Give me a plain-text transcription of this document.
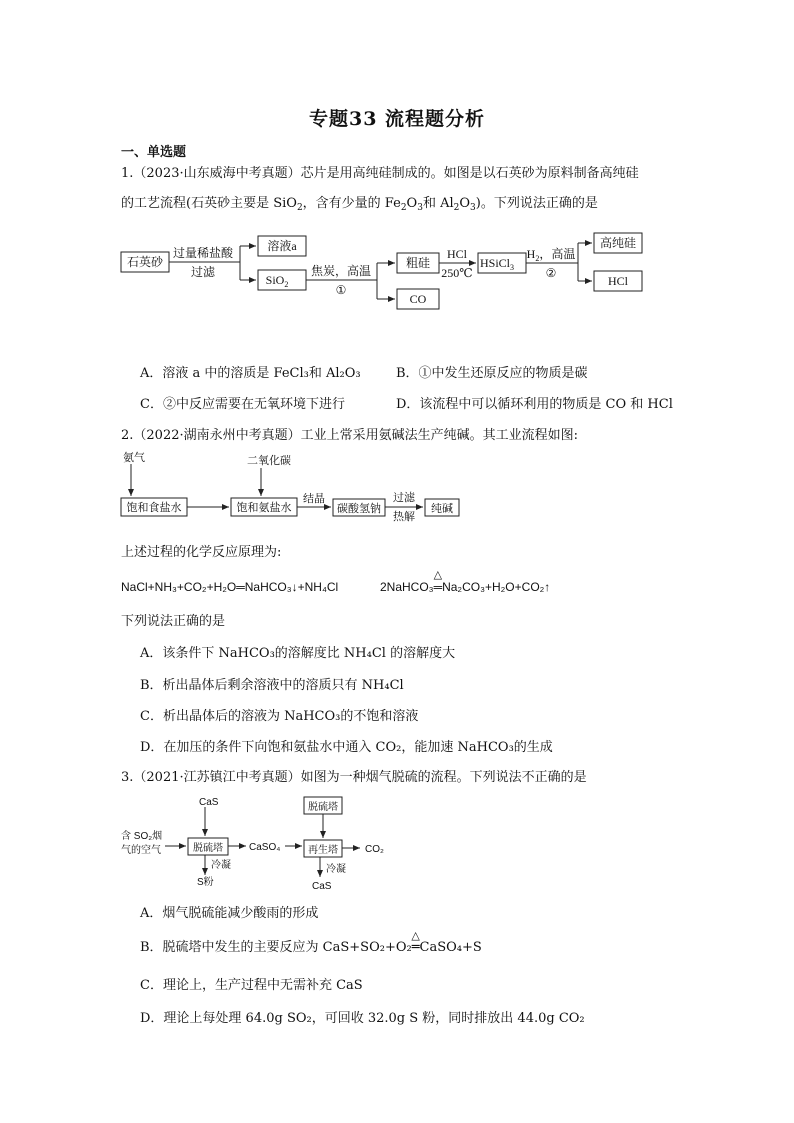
专题33 流程题分析
一、单选题
1.（2023·山东威海中考真题）芯片是用高纯硅制成的。如图是以石英砂为原料制备高纯硅
的工艺流程(石英砂主要是 SiO$_2$，含有少量的 $Fe_2O_3$和 $Al_2O_3$)。下列说法正确的是
石英砂
过量稀盐酸
过滤
溶液a
SiO$_2$
焦炭，高温
①
粗硅
CO
HCl
250℃
HSiCl$_3$
$H_2$，高温
②
高纯硅
HCl
A．溶液 a 中的溶质是 FeCl₃和 Al₂O₃	B．①中发生还原反应的物质是碳
C．②中反应需要在无氧环境下进行	D．该流程中可以循环利用的物质是 CO 和 HCl
2.（2022·湖南永州中考真题）工业上常采用氨碱法生产纯碱。其工业流程如图:
氨气	二氧化碳
饱和食盐水	饱和氨盐水
结晶
碳酸氢钠
过滤
热解
纯碱
上述过程的化学反应原理为:
NaCl+NH₃+CO₂+H₂O═NaHCO₃↓+NH₄Cl	2NaHCO₃
△
═Na₂CO₃+H₂O+CO₂↑
下列说法正确的是
A．该条件下 NaHCO₃的溶解度比 NH₄Cl 的溶解度大
B．析出晶体后剩余溶液中的溶质只有 NH₄Cl
C．析出晶体后的溶液为 NaHCO₃的不饱和溶液
D．在加压的条件下向饱和氨盐水中通入 CO₂，能加速 NaHCO₃的生成
3.（2021·江苏镇江中考真题）如图为一种烟气脱硫的流程。下列说法不正确的是
CaS
含 SO₂烟
气的空气	脱硫塔	CaSO₄
脱硫塔
再生塔	CO₂
冷凝
S粉
冷凝
CaS
A．烟气脱硫能减少酸雨的形成
B．脱硫塔中发生的主要反应为 CaS+SO₂+O₂
△
═CaSO₄+S
C．理论上，生产过程中无需补充 CaS
D．理论上每处理 64.0g SO₂，可回收 32.0g S 粉，同时排放出 44.0g CO₂
